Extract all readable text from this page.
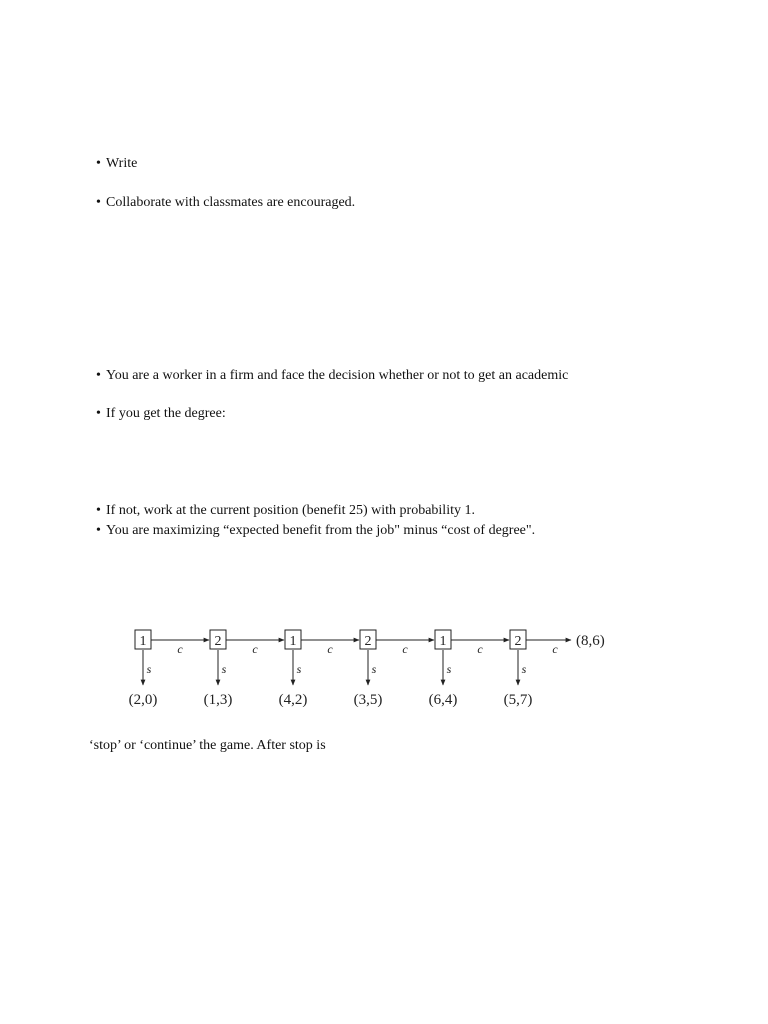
• Write

• Collaborate with classmates are encouraged.

• You are a worker in a firm and face the decision whether or not to get an academic

• If you get the degree:

• If not, work at the current position (benefit 25) with probability 1.

• You are maximizing “expected benefit from the job" minus “cost of degree".

1	c
s
(2,0)
2	c
s
(1,3)
1	c
s
(4,2)
2	c
s
(3,5)
1	c
s
(6,4)
2	c
s
(5,7)
(8,6)
‘stop’ or ‘continue’ the game. After stop is
